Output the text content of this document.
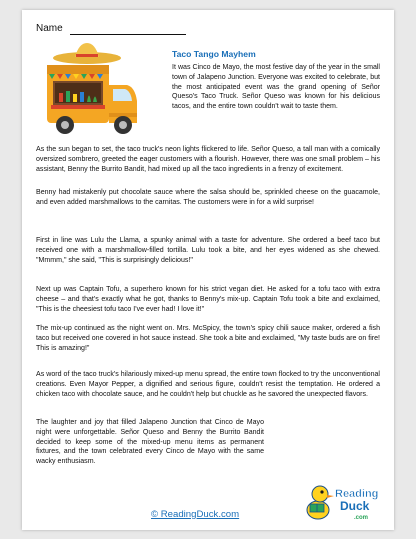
Name
Taco Tango Mayhem

It was Cinco de Mayo, the most festive day of the year in the small town of Jalapeno Junction. Everyone was excited to celebrate, but the most anticipated event was the grand opening of Señor Queso's Taco Truck. Señor Queso was known for his delicious tacos, and the entire town couldn't wait to taste them.

As the sun began to set, the taco truck's neon lights flickered to life. Señor Queso, a tall man with a comically oversized sombrero, greeted the eager customers with a flourish. However, there was one small problem – his assistant, Benny the Burrito Bandit, had mixed up all the taco ingredients in a frenzy of excitement.

Benny had mistakenly put chocolate sauce where the salsa should be, sprinkled cheese on the guacamole, and even added marshmallows to the carnitas. The customers were in for a wild surprise!

First in line was Lulu the Llama, a spunky animal with a taste for adventure. She ordered a beef taco but received one with a marshmallow-filled tortilla. Lulu took a bite, and her eyes widened as she chewed. "Mmmm," she said, "This is surprisingly delicious!"

Next up was Captain Tofu, a superhero known for his strict vegan diet. He asked for a tofu taco with extra cheese – and that's exactly what he got, thanks to Benny's mix-up. Captain Tofu took a bite and exclaimed, "This is the cheesiest tofu taco I've ever had! I love it!"

The mix-up continued as the night went on. Mrs. McSpicy, the town's spicy chili sauce maker, ordered a fish taco but received one covered in hot sauce instead. She took a bite and exclaimed, "My taste buds are on fire! This is amazing!"

As word of the taco truck's hilariously mixed-up menu spread, the entire town flocked to try the unconventional creations. Even Mayor Pepper, a dignified and serious figure, couldn't resist the temptation. He ordered a chicken taco with chocolate sauce, and he couldn't help but chuckle as he savored the unexpected flavors.

The laughter and joy that filled Jalapeno Junction that Cinco de Mayo night were unforgettable. Señor Queso and Benny the Burrito Bandit decided to keep some of the mixed-up menu items as permanent fixtures, and the town celebrated every Cinco de Mayo with the same wacky enthusiasm.

© ReadingDuck.com
Reading
Duck
.com
